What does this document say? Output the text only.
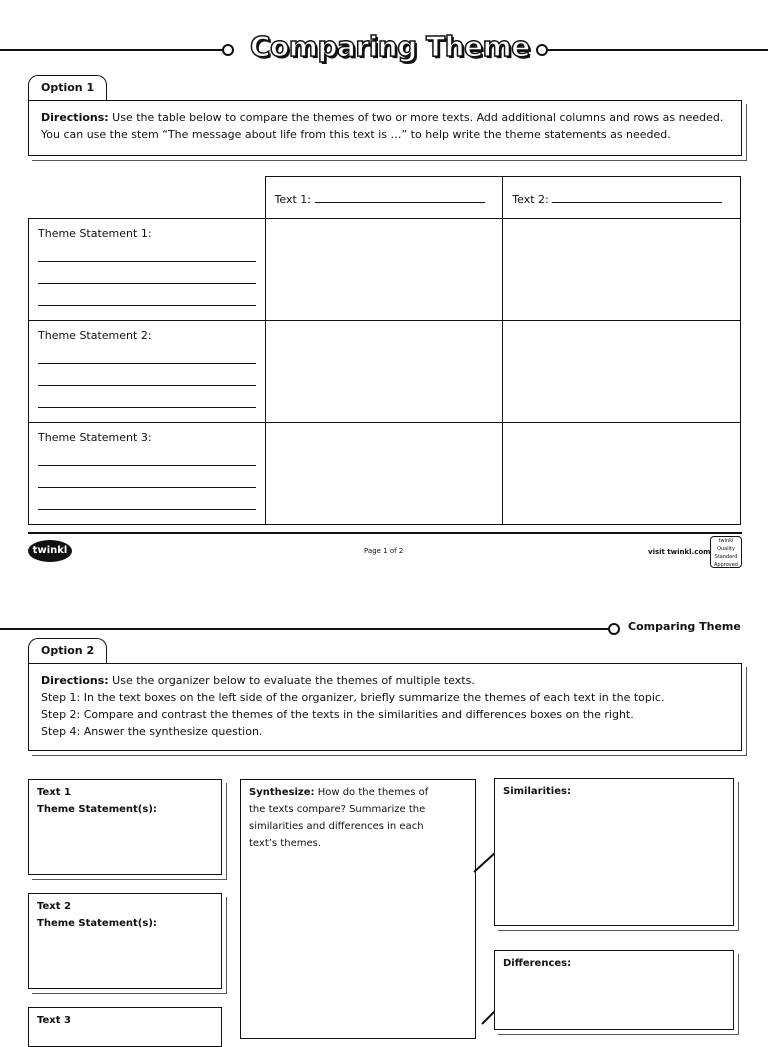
Comparing Theme
Option 1
Directions: Use the table below to compare the themes of two or more texts. Add additional columns and rows as needed. You can use the stem “The message about life from this text is …” to help write the theme statements as needed.

	Text 1:	Text 2:

Theme Statement 1:		

Theme Statement 2:		

Theme Statement 3:		

twinkl	Page 1 of 2	visit twinkl.com
twinkl Quality Standard Approved
Comparing Theme
Option 2
Directions: Use the organizer below to evaluate the themes of multiple texts.
Step 1: In the text boxes on the left side of the organizer, briefly summarize the themes of each text in the topic.
Step 2: Compare and contrast the themes of the texts in the similarities and differences boxes on the right.
Step 4: Answer the synthesize question.
Text 1
Theme Statement(s):
Text 2
Theme Statement(s):
Text 3
Synthesize: How do the themes of the texts compare? Summarize the similarities and differences in each text’s themes.
Similarities:
Differences:
